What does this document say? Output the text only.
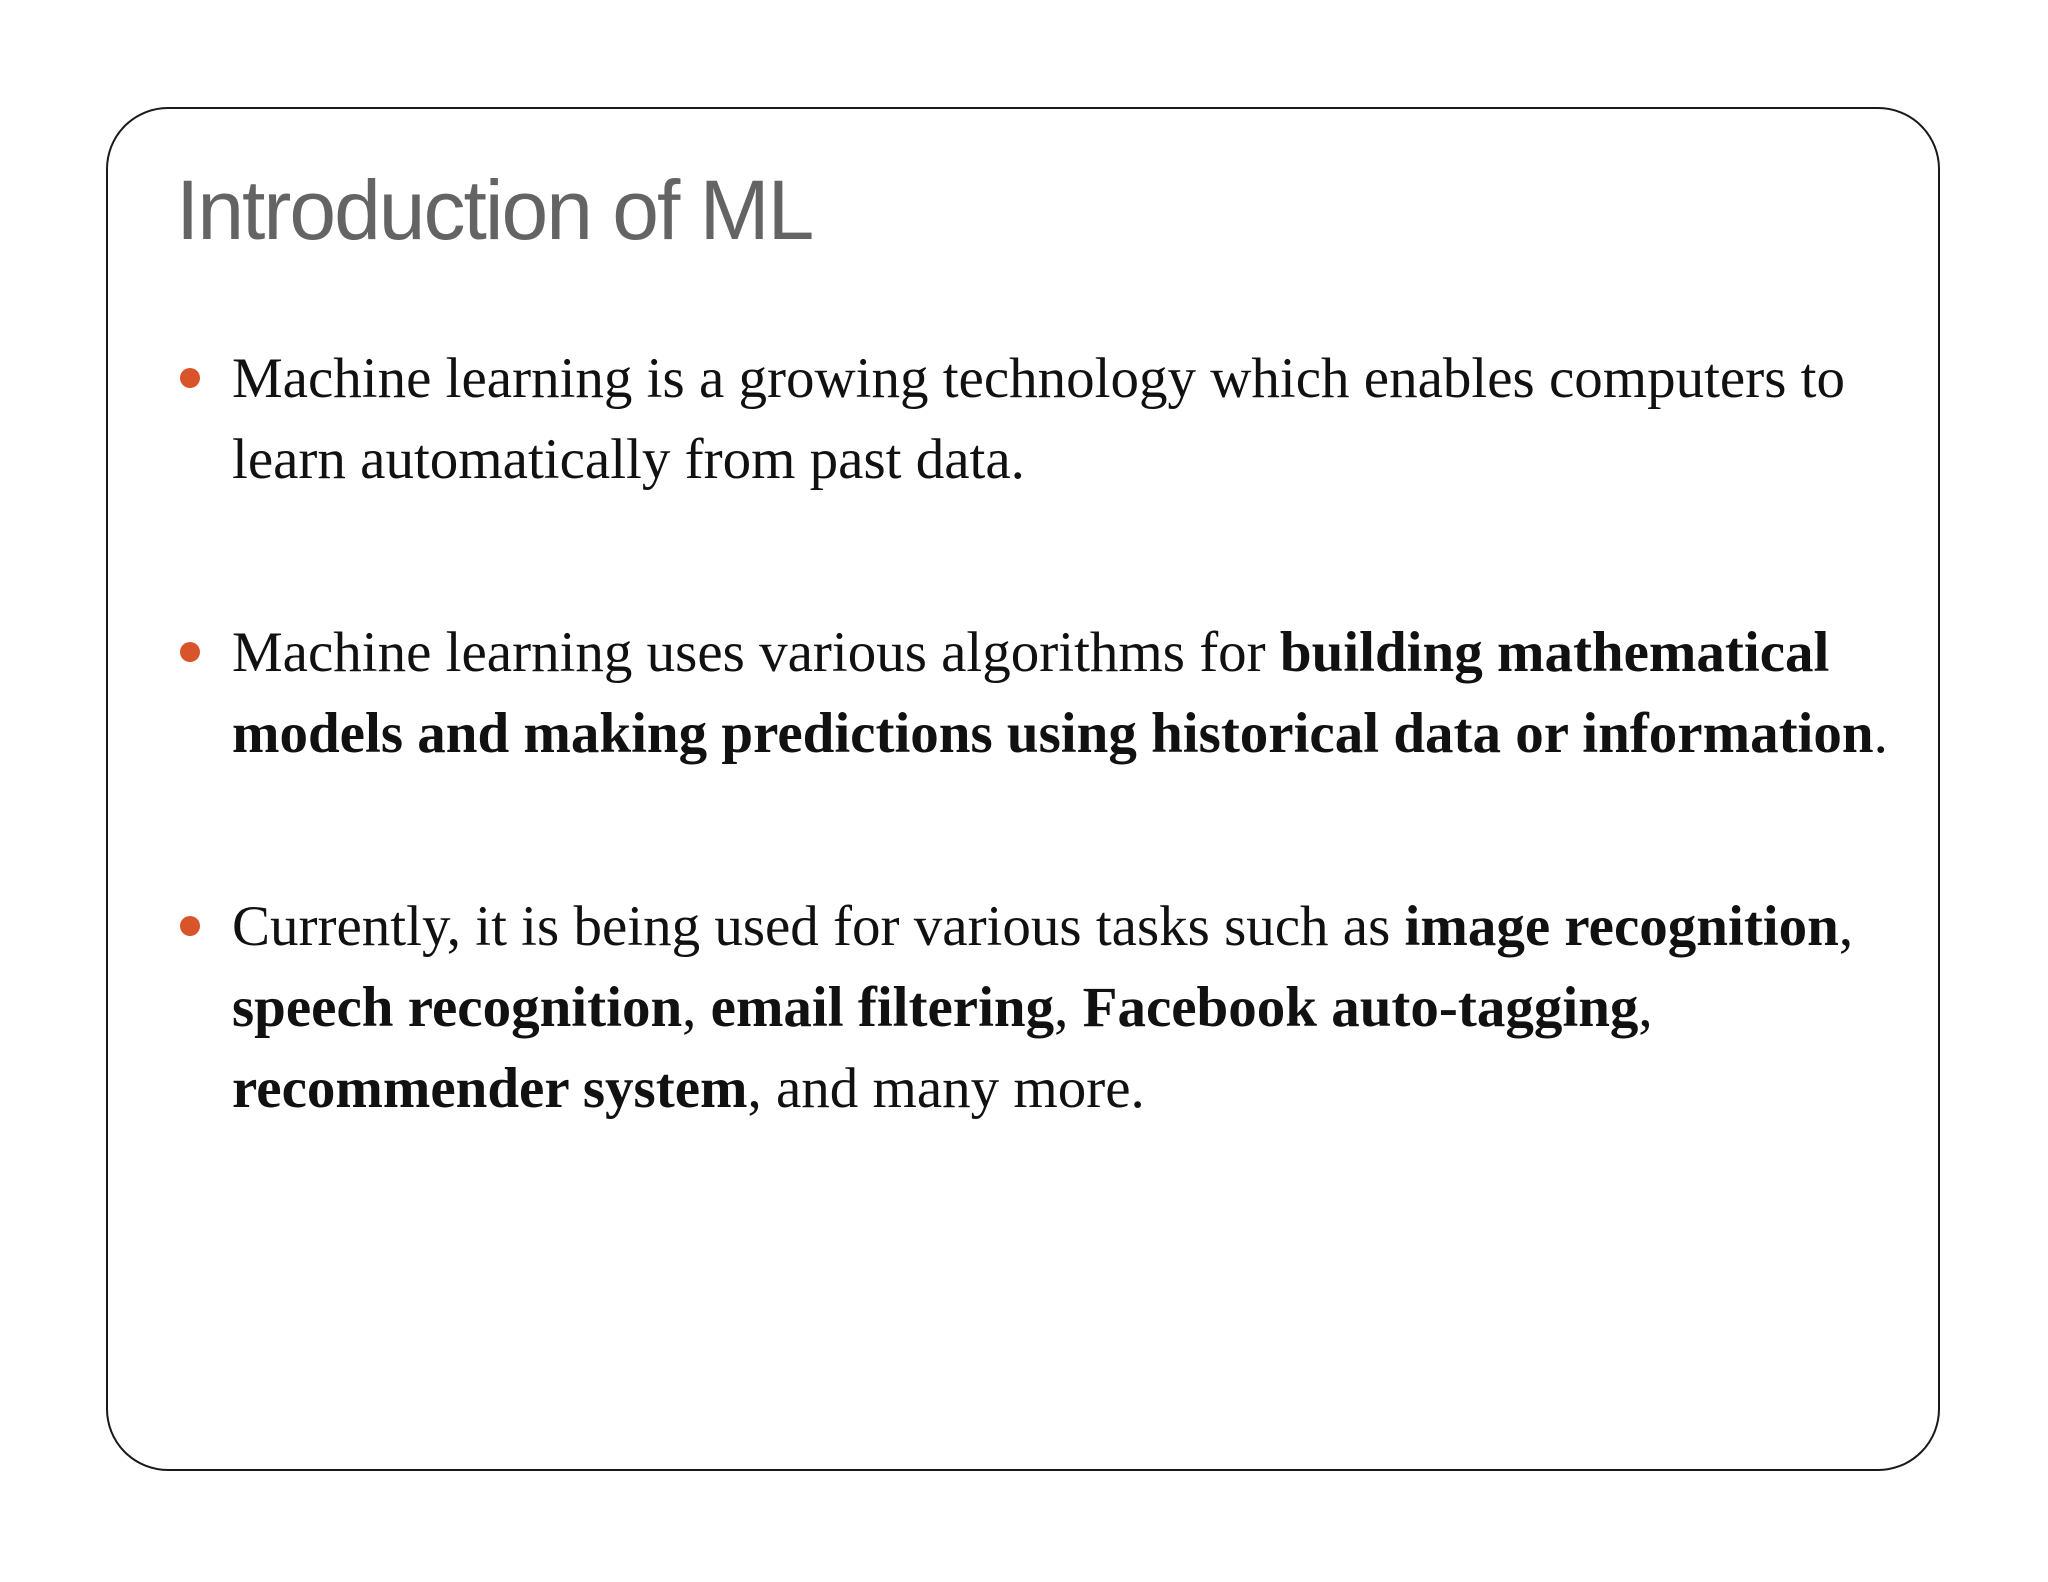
Introduction of ML
Machine learning is a growing technology which enables computers to learn automatically from past data.
Machine learning uses various algorithms for building mathematical models and making predictions using historical data or information.
Currently, it is being used for various tasks such as image recognition, speech recognition, email filtering, Facebook auto-tagging, recommender system, and many more.
